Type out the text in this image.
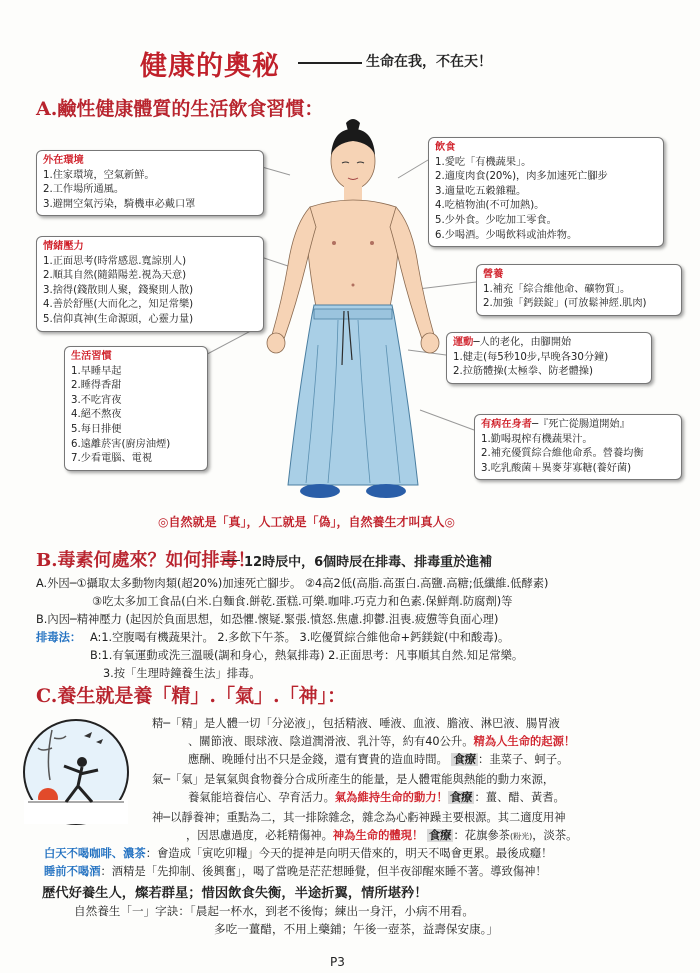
健康的奧秘	生命在我，不在天！
A.鹼性健康體質的生活飲食習慣：
外在環境
1.住家環境，空氣新鮮。
2.工作場所通風。
3.避開空氣污染，騎機車必戴口罩
情緒壓力
1.正面思考(時常感恩.寬諒別人)
2.順其自然(隨錯陽差.視為天意)
3.捨得(錢散則人聚，錢聚則人散)
4.善於舒壓(大而化之，知足常樂)
5.信仰真神(生命源頭，心靈力量)
生活習慣
1.早睡早起
2.睡得香甜
3.不吃宵夜
4.絕不熬夜
5.每日排便
6.遠離菸害(廚房油煙)
7.少看電腦、電視
飲食
1.愛吃「有機蔬果」。
2.適度肉食(20%)，肉多加速死亡腳步
3.適量吃五穀雜糧。
4.吃植物油(不可加熱)。
5.少外食。少吃加工零食。
6.少喝酒。少喝飲料或油炸物。
營養
1.補充「綜合維他命、礦物質」。
2.加強「鈣鎂錠」(可放鬆神經.肌肉)
運動─人的老化，由腳開始
1.健走(每5秒10步,早晚各30分鐘)
2.拉筋體操(太極拳、防老體操)
有病在身者─『死亡從腸道開始』
1.勤喝現榨有機蔬果汁。
2.補充優質綜合維他命系。營養均衡
3.吃乳酸菌＋異麥芽寡糖(養好菌)
◎自然就是「真」，人工就是「偽」，自然養生才叫真人◎
B.毒素何處來？如何排毒！
12時辰中，6個時辰在排毒、排毒重於進補
A.外因─①攝取太多動物肉類(超20%)加速死亡腳步。 ②4高2低(高脂.高蛋白.高鹽.高糖;低纖維.低酵素)
③吃太多加工食品(白米.白麵食.餅乾.蛋糕.可樂.咖啡.巧克力和色素.保鮮劑.防腐劑)等
B.內因─精神壓力 (起因於負面思想，如恐懼.懷疑.緊張.憤怒.焦慮.抑鬱.沮喪.疲憊等負面心理)
排毒法： A:1.空腹喝有機蔬果汁。 2.多飲下午茶。 3.吃優質綜合維他命+鈣鎂錠(中和酸毒)。
B:1.有氧運動或洗三溫暖(調和身心，熱氣排毒) 2.正面思考：凡事順其自然.知足常樂。
3.按「生理時鐘養生法」排毒。
C.養生就是養「精」.「氣」.「神」：
精─「精」是人體一切「分泌液」，包括精液、唾液、血液、膽液、淋巴液、腸胃液
、關節液、眼球液、陰道潤滑液、乳汁等，約有40公升。精為人生命的起源！
應酬、晚睡付出不只是金錢，還有寶貴的造血時間。 食療 ：韭菜子、蚵子。
氣─「氣」是氧氣與食物養分合成所產生的能量，是人體電能與熱能的動力來源，
養氣能培養信心、孕育活力。氣為維持生命的動力！ 食療 ：薑、醋、黃耆。
神─以靜養神；重點為二，其一排除雜念，雜念為心虧神躁主要根源。其二適度用神
，因思慮過度，必耗精傷神。神為生命的體現！ 食療 ：花旗參茶(粉光)，淡茶。
白天不喝咖啡、濃茶：會造成「寅吃卯糧」今天的提神是向明天借來的，明天不喝會更累。最後成癮！
睡前不喝酒：酒精是「先抑制、後興奮」，喝了當晚是茫茫想睡覺，但半夜卻醒來睡不著。導致傷神！
歷代好養生人，燦若群星；惜因飲食失衡，半途折翼，情所堪矜！
自然養生「一」字訣：「晨起一杯水，到老不後悔；練出一身汗，小病不用看。
多吃一薑醋，不用上藥鋪；午後一壺茶，益壽保安康。」
P3
